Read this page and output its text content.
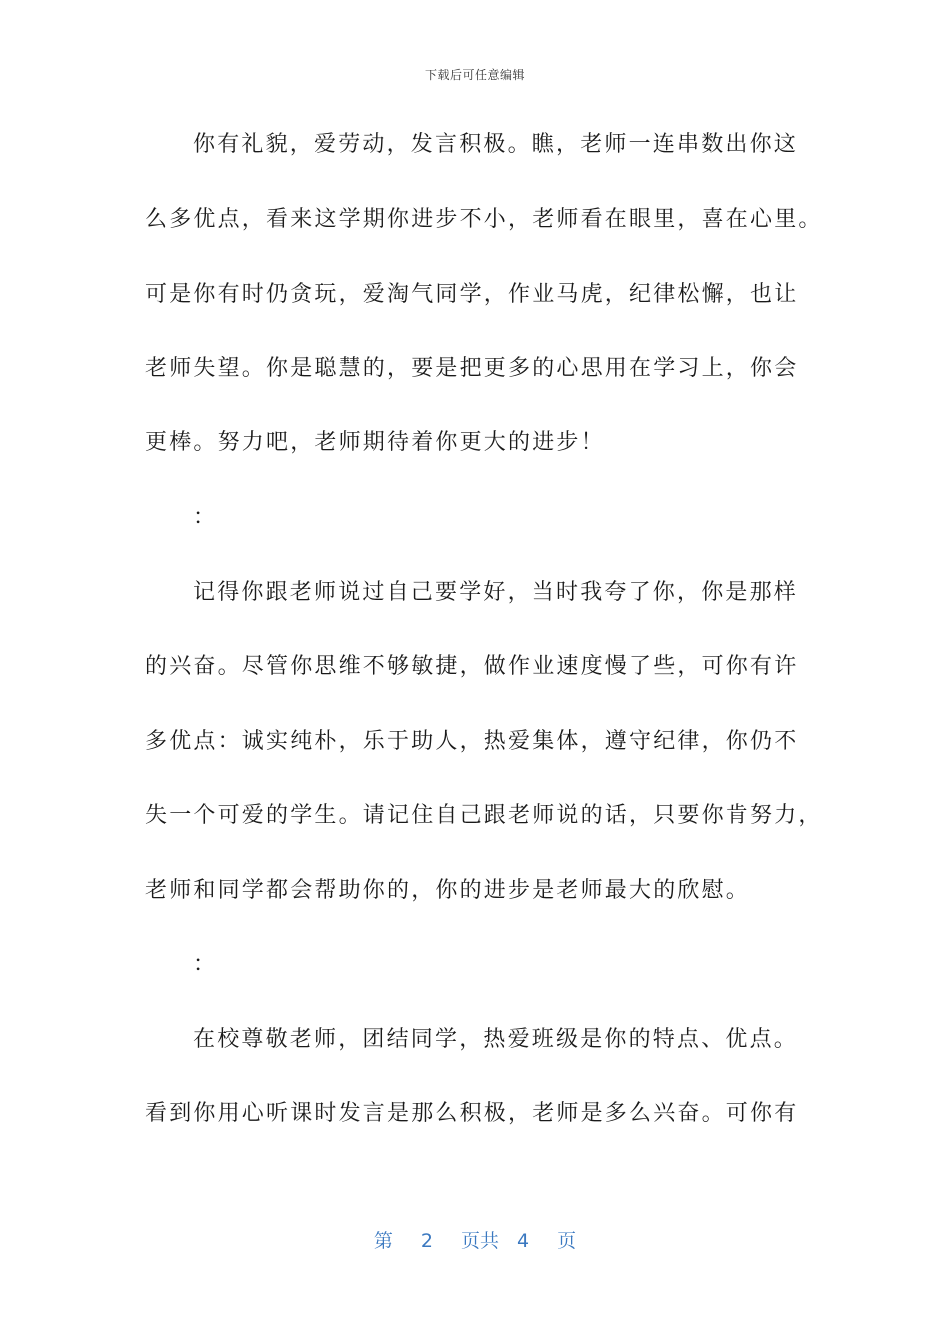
下载后可任意编辑
你有礼貌，爱劳动，发言积极。瞧，老师一连串数出你这
么多优点，看来这学期你进步不小，老师看在眼里，喜在心里。
可是你有时仍贪玩，爱淘气同学，作业马虎，纪律松懈，也让
老师失望。你是聪慧的，要是把更多的心思用在学习上，你会
更棒。努力吧，老师期待着你更大的进步！
：
记得你跟老师说过自己要学好，当时我夸了你，你是那样
的兴奋。尽管你思维不够敏捷，做作业速度慢了些，可你有许
多优点：诚实纯朴，乐于助人，热爱集体，遵守纪律，你仍不
失一个可爱的学生。请记住自己跟老师说的话，只要你肯努力，
老师和同学都会帮助你的，你的进步是老师最大的欣慰。
：
在校尊敬老师，团结同学，热爱班级是你的特点、优点。
看到你用心听课时发言是那么积极，老师是多么兴奋。可你有
第 2 页共 4 页
